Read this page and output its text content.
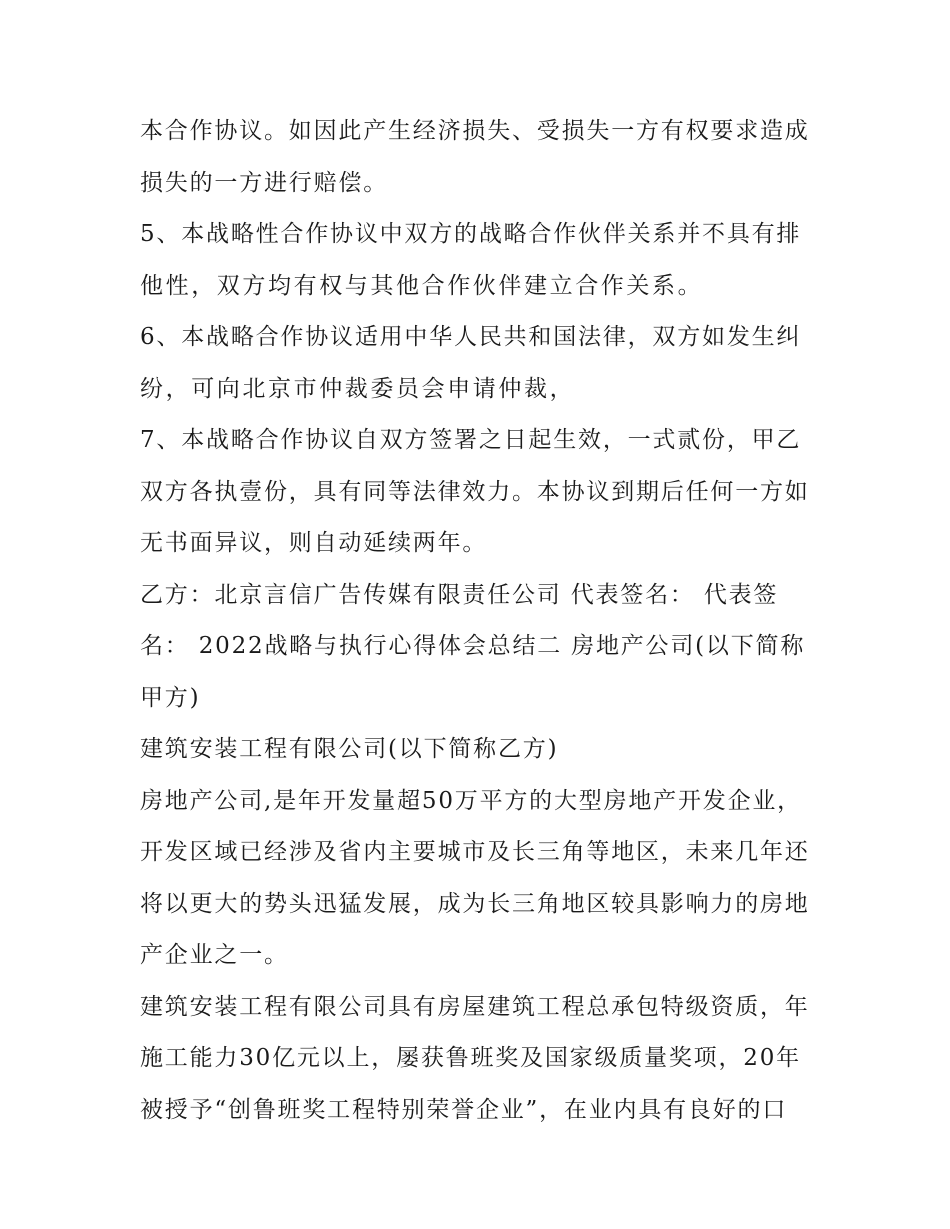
本合作协议。如因此产生经济损失、受损失一方有权要求造成
损失的一方进行赔偿。
5、本战略性合作协议中双方的战略合作伙伴关系并不具有排
他性，双方均有权与其他合作伙伴建立合作关系。
6、本战略合作协议适用中华人民共和国法律，双方如发生纠
纷，可向北京市仲裁委员会申请仲裁，
7、本战略合作协议自双方签署之日起生效，一式贰份，甲乙
双方各执壹份，具有同等法律效力。本协议到期后任何一方如
无书面异议，则自动延续两年。
乙方：北京言信广告传媒有限责任公司 代表签名： 代表签
名： 2022战略与执行心得体会总结二 房地产公司(以下简称
甲方)
建筑安装工程有限公司(以下简称乙方)
房地产公司,是年开发量超50万平方的大型房地产开发企业，
开发区域已经涉及省内主要城市及长三角等地区，未来几年还
将以更大的势头迅猛发展，成为长三角地区较具影响力的房地
产企业之一。
建筑安装工程有限公司具有房屋建筑工程总承包特级资质，年
施工能力30亿元以上，屡获鲁班奖及国家级质量奖项，20年
被授予“创鲁班奖工程特别荣誉企业”，在业内具有良好的口
